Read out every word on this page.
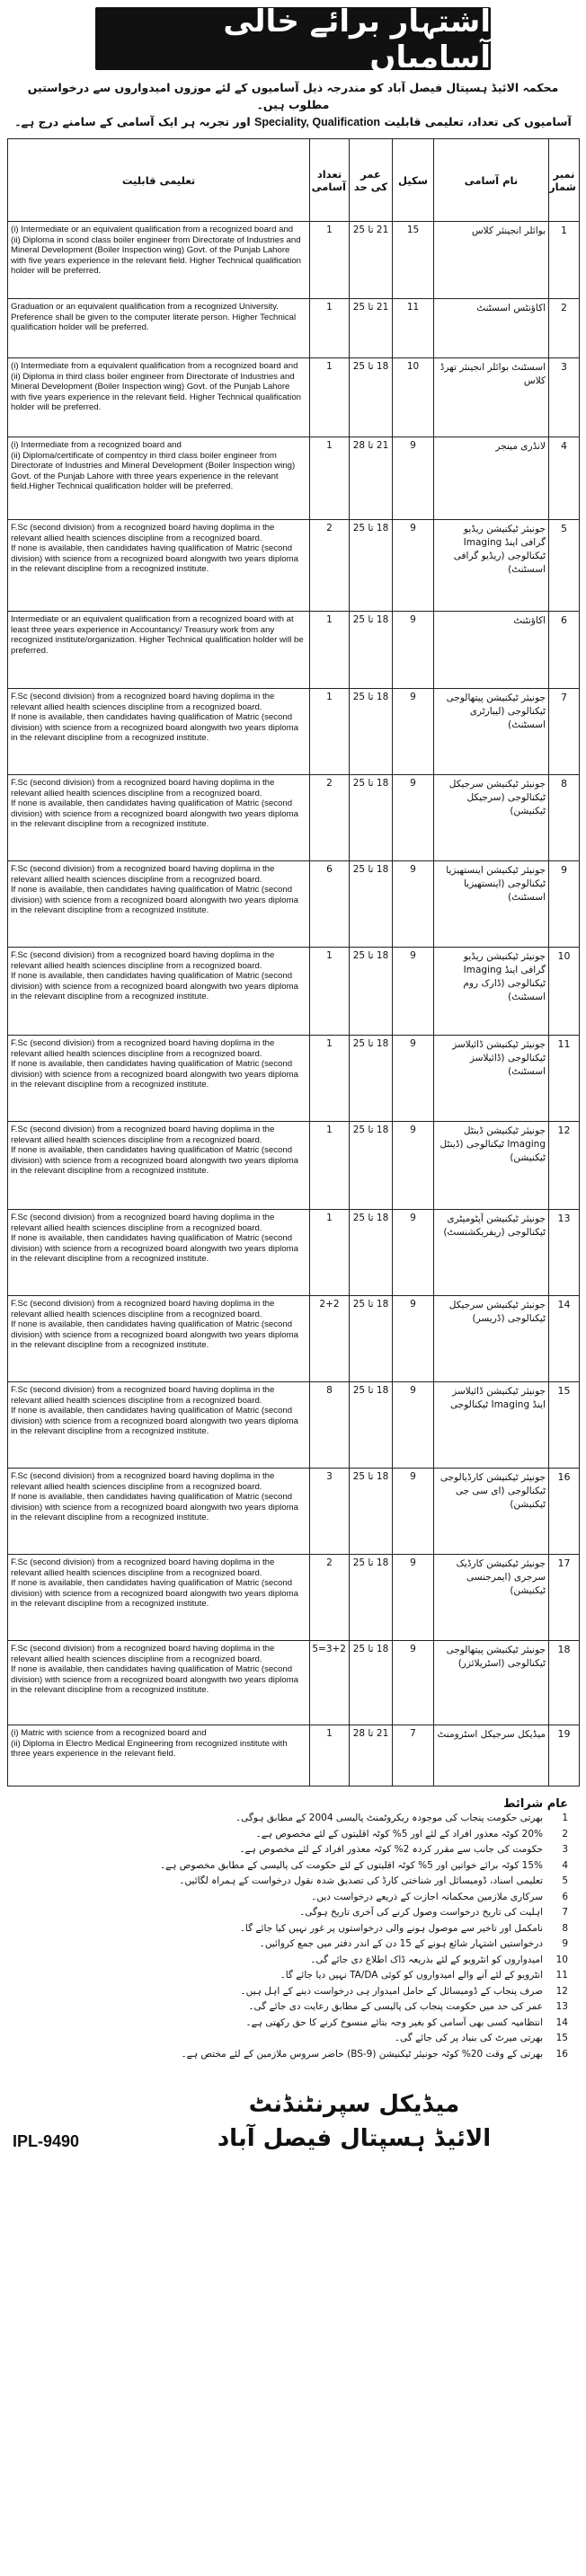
اشتہار برائے خالی آسامیاں
محکمہ الائیڈ ہسپتال فیصل آباد کو مندرجہ ذیل آسامیوں کے لئے موزوں امیدواروں سے درخواستیں مطلوب ہیں۔
آسامیوں کی تعداد، تعلیمی قابلیت Speciality, Qualification اور تجربہ ہر ایک آسامی کے سامنے درج ہے۔
نمبر شمار	نام آسامی	سکیل	عمر کی حد	تعداد آسامی	تعلیمی قابلیت
1	بوائلر انجینئر کلاس	15	21 تا 25	1	(i) Intermediate or an equivalent qualification from a recognized board and
(ii) Diploma in scond class boiler engineer from Directorate of Industries and Mineral Development (Boiler Inspection wing) Govt. of the Punjab Lahore with five years experience in the relevant field. Higher Technical qualification holder will be preferred.

2	اکاؤنٹس اسسٹنٹ	11	21 تا 25	1	Graduation or an equivalent qualification from a recognized University. Preference shall be given to the computer literate person. Higher Technical qualification holder will be preferred.

3	اسسٹنٹ بوائلر انجینئر تھرڈ کلاس	10	18 تا 25	1	(i) Intermediate from a equivalent qualification from a recognized board and
(ii) Diploma in third class boiler engineer from Directorate of Industries and Mineral Development (Boiler Inspection wing) Govt. of the Punjab Lahore with five years experience in the relevant field. Higher Technical qualification holder will be preferred.

4	لانڈری مینجر	9	21 تا 28	1	(i) Intermediate from a recognized board and
(ii) Diploma/certificate of compentcy in third class boiler engineer from Directorate of Industries and Mineral Development (Boiler Inspection wing) Govt. of the Punjab Lahore with three years experience in the relevant field.Higher Technical qualification holder will be preferred.

5	جونیئر ٹیکنیشن ریڈیو گرافی اینڈ Imaging ٹیکنالوجی (ریڈیو گرافی اسسٹنٹ)	9	18 تا 25	2	F.Sc (second division) from a recognized board having doplima in the relevant allied health sciences discipline from a recognized board.
If none is available, then candidates having qualification of Matric (second division) with science from a recognized board alongwith two years diploma in the relevant discipline from a recognized institute.

6	اکاؤنٹنٹ	9	18 تا 25	1	Intermediate or an equivalent qualification from a recognized board with at least three years experience in Accountancy/ Treasury work from any recognized institute/organization. Higher Technical qualification holder will be preferred.

7	جونیئر ٹیکنیشن پیتھالوجی ٹیکنالوجی (لیبارٹری اسسٹنٹ)	9	18 تا 25	1	F.Sc (second division) from a recognized board having doplima in the relevant allied health sciences discipline from a recognized board.
If none is available, then candidates having qualification of Matric (second division) with science from a recognized board alongwith two years diploma in the relevant discipline from a recognized institute.

8	جونیئر ٹیکنیشن سرجیکل ٹیکنالوجی (سرجیکل ٹیکنیشن)	9	18 تا 25	2	F.Sc (second division) from a recognized board having doplima in the relevant allied health sciences discipline from a recognized board.
If none is available, then candidates having qualification of Matric (second division) with science from a recognized board alongwith two years diploma in the relevant discipline from a recognized institute.

9	جونیئر ٹیکنیشن اینستھیزیا ٹیکنالوجی (اینستھیزیا اسسٹنٹ)	9	18 تا 25	6	F.Sc (second division) from a recognized board having doplima in the relevant allied health sciences discipline from a recognized board.
If none is available, then candidates having qualification of Matric (second division) with science from a recognized board alongwith two years diploma in the relevant discipline from a recognized institute.

10	جونیئر ٹیکنیشن ریڈیو گرافی اینڈ Imaging ٹیکنالوجی (ڈارک روم اسسٹنٹ)	9	18 تا 25	1	F.Sc (second division) from a recognized board having doplima in the relevant allied health sciences discipline from a recognized board.
If none is available, then candidates having qualification of Matric (second division) with science from a recognized board alongwith two years diploma in the relevant discipline from a recognized institute.

11	جونیئر ٹیکنیشن ڈائیلاسز ٹیکنالوجی (ڈائیلاسز اسسٹنٹ)	9	18 تا 25	1	F.Sc (second division) from a recognized board having doplima in the relevant allied health sciences discipline from a recognized board.
If none is available, then candidates having qualification of Matric (second division) with science from a recognized board alongwith two years diploma in the relevant discipline from a recognized institute.

12	جونیئر ٹیکنیشن ڈینٹل Imaging ٹیکنالوجی (ڈینٹل ٹیکنیشن)	9	18 تا 25	1	F.Sc (second division) from a recognized board having doplima in the relevant allied health sciences discipline from a recognized board.
If none is available, then candidates having qualification of Matric (second division) with science from a recognized board alongwith two years diploma in the relevant discipline from a recognized institute.

13	جونیئر ٹیکنیشن آپٹومیٹری ٹیکنالوجی (ریفریکشنسٹ)	9	18 تا 25	1	F.Sc (second division) from a recognized board having doplima in the relevant allied health sciences discipline from a recognized board.
If none is available, then candidates having qualification of Matric (second division) with science from a recognized board alongwith two years diploma in the relevant discipline from a recognized institute.

14	جونیئر ٹیکنیشن سرجیکل ٹیکنالوجی (ڈریسر)	9	18 تا 25	2+2	F.Sc (second division) from a recognized board having doplima in the relevant allied health sciences discipline from a recognized board.
If none is available, then candidates having qualification of Matric (second division) with science from a recognized board alongwith two years diploma in the relevant discipline from a recognized institute.

15	جونیئر ٹیکنیشن ڈائیلاسز اینڈ Imaging ٹیکنالوجی	9	18 تا 25	8	F.Sc (second division) from a recognized board having doplima in the relevant allied health sciences discipline from a recognized board.
If none is available, then candidates having qualification of Matric (second division) with science from a recognized board alongwith two years diploma in the relevant discipline from a recognized institute.

16	جونیئر ٹیکنیشن کارڈیالوجی ٹیکنالوجی (ای سی جی ٹیکنیشن)	9	18 تا 25	3	F.Sc (second division) from a recognized board having doplima in the relevant allied health sciences discipline from a recognized board.
If none is available, then candidates having qualification of Matric (second division) with science from a recognized board alongwith two years diploma in the relevant discipline from a recognized institute.

17	جونیئر ٹیکنیشن کارڈیک سرجری (ایمرجنسی ٹیکنیشن)	9	18 تا 25	2	F.Sc (second division) from a recognized board having doplima in the relevant allied health sciences discipline from a recognized board.
If none is available, then candidates having qualification of Matric (second division) with science from a recognized board alongwith two years diploma in the relevant discipline from a recognized institute.

18	جونیئر ٹیکنیشن پیتھالوجی ٹیکنالوجی (اسٹریلائزر)	9	18 تا 25	3+2=5	F.Sc (second division) from a recognized board having doplima in the relevant allied health sciences discipline from a recognized board.
If none is available, then candidates having qualification of Matric (second division) with science from a recognized board alongwith two years diploma in the relevant discipline from a recognized institute.

19	میڈیکل سرجیکل اسٹرومنٹ	7	21 تا 28	1	(i) Matric with science from a recognized board and
(ii) Diploma in Electro Medical Engineering from recognized institute with three years experience in the relevant field.
عام شرائط
1
بھرتی حکومت پنجاب کی موجودہ ریکروٹمنٹ پالیسی 2004 کے مطابق ہوگی۔
2
20% کوٹہ معذور افراد کے لئے اور 5% کوٹہ اقلیتوں کے لئے مخصوص ہے۔
3
حکومت کی جانب سے مقرر کردہ 2% کوٹہ معذور افراد کے لئے مخصوص ہے۔
4
15% کوٹہ برائے خواتین اور 5% کوٹہ اقلیتوں کے لئے حکومت کی پالیسی کے مطابق مخصوص ہے۔
5
تعلیمی اسناد، ڈومیسائل اور شناختی کارڈ کی تصدیق شدہ نقول درخواست کے ہمراہ لگائیں۔
6
سرکاری ملازمین محکمانہ اجازت کے ذریعے درخواست دیں۔
7
اہلیت کی تاریخ درخواست وصول کرنے کی آخری تاریخ ہوگی۔
8
نامکمل اور تاخیر سے موصول ہونے والی درخواستوں پر غور نہیں کیا جائے گا۔
9
درخواستیں اشتہار شائع ہونے کے 15 دن کے اندر دفتر میں جمع کروائیں۔
10
امیدواروں کو انٹرویو کے لئے بذریعہ ڈاک اطلاع دی جائے گی۔
11
انٹرویو کے لئے آنے والے امیدواروں کو کوئی TA/DA نہیں دیا جائے گا۔
12
صرف پنجاب کے ڈومیسائل کے حامل امیدوار ہی درخواست دینے کے اہل ہیں۔
13
عمر کی حد میں حکومت پنجاب کی پالیسی کے مطابق رعایت دی جائے گی۔
14
انتظامیہ کسی بھی آسامی کو بغیر وجہ بتائے منسوخ کرنے کا حق رکھتی ہے۔
15
بھرتی میرٹ کی بنیاد پر کی جائے گی۔
16
بھرتی کے وقت 20% کوٹہ جونیئر ٹیکنیشن (BS-9) حاضر سروس ملازمین کے لئے مختص ہے۔
میڈیکل سپرنٹنڈنٹ
الائیڈ ہسپتال فیصل آباد
IPL-9490
